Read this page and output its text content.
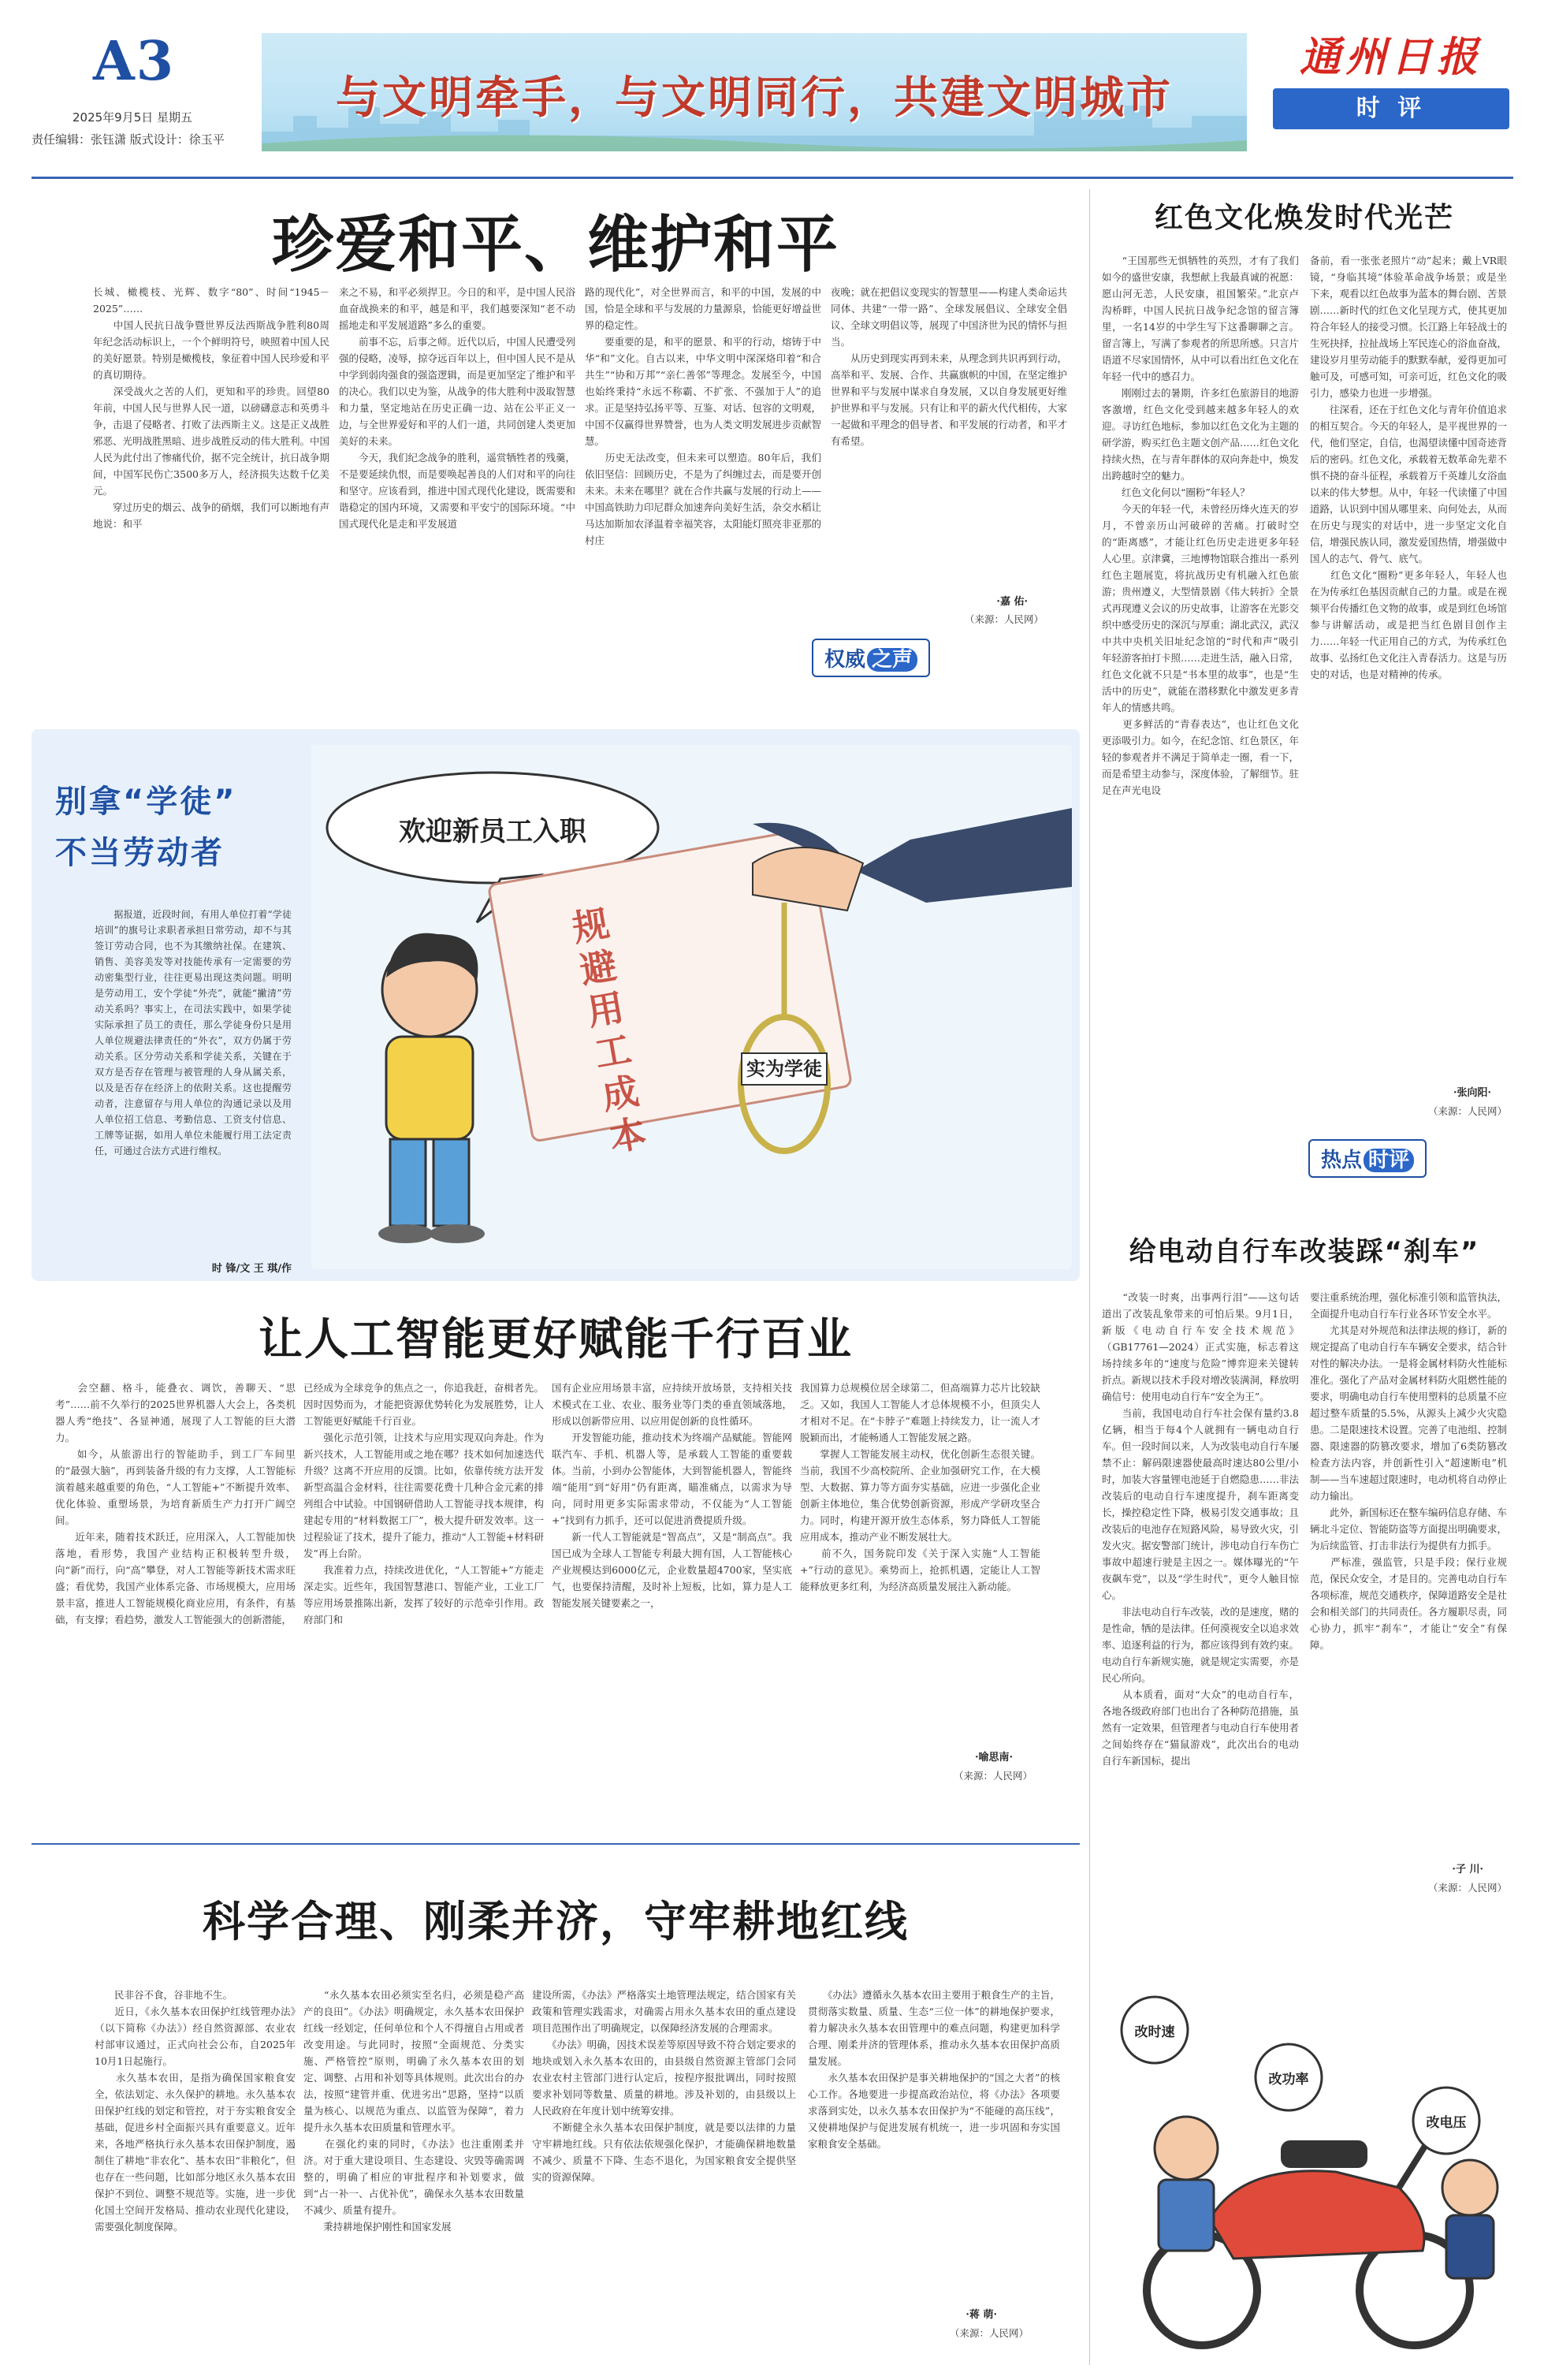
A3
2025年9月5日 星期五
责任编辑：张钰潇 版式设计：徐玉平
与文明牵手，与文明同行，共建文明城市
通州日报
时 评
珍爱和平、维护和平
长城、橄榄枝、光辉、数字“80”、时间“1945－2025”……
　　中国人民抗日战争暨世界反法西斯战争胜利80周年纪念活动标识上，一个个鲜明符号，映照着中国人民的美好愿景。特别是橄榄枝，象征着中国人民珍爱和平的真切期待。
　　深受战火之苦的人们，更知和平的珍贵。回望80年前，中国人民与世界人民一道，以磅礴意志和英勇斗争，击退了侵略者、打败了法西斯主义。这是正义战胜邪恶、光明战胜黑暗、进步战胜反动的伟大胜利。中国人民为此付出了惨痛代价，据不完全统计，抗日战争期间，中国军民伤亡3500多万人，经济损失达数千亿美元。
　　穿过历史的烟云、战争的硝烟，我们可以断地有声地说：和平
来之不易，和平必须捍卫。今日的和平，是中国人民浴血奋战换来的和平，越是和平，我们越要深知“老不动摇地走和平发展道路”多么的重要。
　　前事不忘，后事之师。近代以后，中国人民遭受列强的侵略，凌辱，掠夺远百年以上，但中国人民不是从中学到弱肉强食的强盗逻辑，而是更加坚定了维护和平的决心。我们以史为鉴，从战争的伟大胜利中汲取智慧和力量，坚定地站在历史正确一边、站在公平正义一边，与全世界爱好和平的人们一道，共同创建人类更加美好的未来。
　　今天，我们纪念战争的胜利，遥赏牺牲者的残羹，不是要延续仇恨，而是要唤起善良的人们对和平的向往和坚守。应该看到，推进中国式现代化建设，既需要和谐稳定的国内环境，又需要和平安宁的国际环境。“中国式现代化是走和平发展道
路的现代化”，对全世界而言，和平的中国，发展的中国，恰是全球和平与发展的力量源泉，恰能更好增益世界的稳定性。
　　要重要的是，和平的愿景、和平的行动，熔铸于中华“和”文化。自古以来，中华文明中深深烙印着“和合共生”“协和万邦”“亲仁善邻”等理念。发展至今，中国也始终秉持“永远不称霸、不扩张、不强加于人”的追求。正是坚持弘扬平等、互鉴、对话、包容的文明观，中国不仅赢得世界赞誉，也为人类文明发展进步贡献智慧。
　　历史无法改变，但未来可以塑造。80年后，我们依旧坚信：回顾历史，不是为了纠缠过去，而是要开创未来。未来在哪里？就在合作共赢与发展的行动上——中国高铁助力印尼群众加速奔向美好生活，杂交水稻让马达加斯加农泽温着幸福笑容，太阳能灯照亮非亚那的村庄
夜晚；就在把倡议变现实的智慧里——构建人类命运共同体、共建“一带一路”、全球发展倡议、全球安全倡议、全球文明倡议等，展现了中国济世为民的情怀与担当。
　　从历史到现实再到未来，从理念到共识再到行动，高举和平、发展、合作、共赢旗帜的中国，在坚定维护世界和平与发展中谋求自身发展，又以自身发展更好维护世界和平与发展。只有让和平的薪火代代相传，大家一起做和平理念的倡导者、和平发展的行动者，和平才有希望。
·嘉 佑·
（来源：人民网）
权威 之声
别拿“学徒”
不当劳动者
　　据报道，近段时间，有用人单位打着“学徒培训”的旗号让求职者承担日常劳动，却不与其签订劳动合同，也不为其缴纳社保。在建筑、销售、美容美发等对技能传承有一定需要的劳动密集型行业，往往更易出现这类问题。明明是劳动用工，安个学徒“外壳”，就能“撇清”劳动关系吗？事实上，在司法实践中，如果学徒实际承担了员工的责任，那么学徒身份只是用人单位规避法律责任的“外衣”，双方仍属于劳动关系。区分劳动关系和学徒关系，关键在于双方是否存在管理与被管理的人身从属关系，以及是否存在经济上的依附关系。这也提醒劳动者，注意留存与用人单位的沟通记录以及用人单位招工信息、考勤信息、工资支付信息、工牌等证据，如用人单位未能履行用工法定责任，可通过合法方式进行维权。
时 锋/文 王 琪/作
欢迎新员工入职
规避用工成本
实为学徒
红色文化焕发时代光芒
　　“王国那些无惧牺牲的英烈，才有了我们如今的盛世安康，我想献上我最真诚的祝愿：愿山河无恙，人民安康，祖国繁荣。”北京卢沟桥畔，中国人民抗日战争纪念馆的留言簿里，一名14岁的中学生写下这番聊聊之言。留言簿上，写满了参观者的所思所感。只言片语道不尽家国情怀，从中可以看出红色文化在年轻一代中的感召力。
　　刚刚过去的暑期，许多红色旅游目的地游客激增，红色文化受到越来越多年轻人的欢迎。寻访红色地标，参加以红色文化为主题的研学游，购买红色主题文创产品……红色文化持续火热，在与青年群体的双向奔赴中，焕发出跨越时空的魅力。
　　红色文化何以“圈粉”年轻人？
　　今天的年轻一代，未曾经历烽火连天的岁月，不曾亲历山河破碎的苦痛。打破时空的“距离感”，才能让红色历史走进更多年轻人心里。京津冀，三地博物馆联合推出一系列红色主题展览，将抗战历史有机融入红色旅游；贵州遵义，大型情景剧《伟大转折》全景式再现遵义会议的历史故事，让游客在光影交织中感受历史的深沉与厚重；湖北武汉，武汉中共中央机关旧址纪念馆的“时代和声”吸引年轻游客拍打卡照……走进生活，融入日常，红色文化就不只是“书本里的故事”，也是“生活中的历史”，就能在潜移默化中激发更多青年人的情感共鸣。
　　更多鲜活的“青春表达”，也让红色文化更添吸引力。如今，在纪念馆、红色景区，年轻的参观者并不满足于简单走一圈，看一下，而是希望主动参与，深度体验，了解细节。驻足在声光电设
备前，看一张张老照片“动”起来；戴上VR眼镜，“身临其境”体验革命战争场景；或是坐下来，观看以红色故事为蓝本的舞台剧、苦景剧……新时代的红色文化呈现方式，使其更加符合年轻人的接受习惯。长江路上年轻战士的生死抉择，拉扯战场上军民连心的浴血奋战，建设岁月里劳动能手的默默奉献，爱得更加可触可及，可感可知，可亲可近，红色文化的吸引力，感染力也进一步增强。
　　往深看，还在于红色文化与青年价值追求的相互契合。今天的年轻人，是平视世界的一代，他们坚定，自信，也渴望读懂中国奇迹背后的密码。红色文化，承载着无数革命先辈不惧不挠的奋斗征程，承载着万千英雄儿女浴血以来的伟大梦想。从中，年轻一代读懂了中国道路，认识到中国从哪里来、向何处去，从而在历史与现实的对话中，进一步坚定文化自信，增强民族认同，激发爱国热情，增强做中国人的志气、骨气、底气。
　　红色文化“圈粉”更多年轻人，年轻人也在为传承红色基因贡献自己的力量。或是在视频平台传播红色文物的故事，或是到红色场馆参与讲解活动，或是把当红色剧目创作主力……年轻一代正用自己的方式，为传承红色故事、弘扬红色文化注入青春活力。这是与历史的对话，也是对精神的传承。
·张向阳·
（来源：人民网）
热点 时评
给电动自行车改装踩“刹车”
　　“改装一时爽，出事两行泪”——这句话道出了改装乱象带来的可怕后果。9月1日，新版《电动自行车安全技术规范》（GB17761—2024）正式实施，标志着这场持续多年的“速度与危险”博弈迎来关键转折点。新规以技术手段对增改装满洞，释放明确信号：使用电动自行车“安全为王”。
　　当前，我国电动自行车社会保有量约3.8亿辆，相当于每4个人就拥有一辆电动自行车。但一段时间以来，人为改装电动自行车屡禁不止：解码限速器使最高时速达80公里/小时，加装大容量锂电池延于自燃隐患……非法改装后的电动自行车速度提升，刹车距离变长，操控稳定性下降，极易引发交通事故；且改装后的电池存在短路风险，易导致火灾，引发火灾。据安警部门统计，涉电动自行车伤亡事故中超速行驶是主因之一。媒体曝光的“午夜飙车党”，以及“学生时代”，更令人触目惊心。
　　非法电动自行车改装，改的是速度，赌的是性命，牺的是法律。任何漠视安全以追求效率、追逐利益的行为，都应该得到有效约束。电动自行车新规实施，就是规定实需要，亦是民心所向。
　　从本质看，面对“大众”的电动自行车，各地各级政府部门也出台了各种防范措施，虽然有一定效果，但管理者与电动自行车使用者之间始终存在“猫鼠游戏”，此次出台的电动自行车新国标，提出
要注重系统治理，强化标准引领和监管执法，全面提升电动自行车行业各环节安全水平。
　　尤其是对外规范和法律法规的修订，新的规定提高了电动自行车车辆安全要求，结合针对性的解决办法。一是将金属材料防火性能标准化。强化了产品对金属材料防火阻燃性能的要求，明确电动自行车使用塑料的总质量不应超过整车质量的5.5%，从源头上减少火灾隐患。二是限速技术设置。完善了电池组、控制器、限速器的防篡改要求，增加了6类防篡改检查方法内容，并创新性引入“超速断电”机制——当车速超过限速时，电动机将自动停止动力输出。
　　此外，新国标还在整车编码信息存储、车辆北斗定位、智能防盗等方面提出明确要求，为后续监管、打击非法行为提供有力抓手。
　　严标准，强监管，只是手段；保行业规范，保民众安全，才是目的。完善电动自行车各项标准，规范交通秩序，保障道路安全是社会和相关部门的共同责任。各方履职尽责，同心协力，抓牢“刹车”，才能让“安全”有保障。
·子 川·
（来源：人民网）
让人工智能更好赋能千行百业
　　会空翻、格斗，能叠衣、调饮，善聊天、“思考”……前不久举行的2025世界机器人大会上，各类机器人秀“绝技”、各显神通，展现了人工智能的巨大潜力。
　　如今，从旅游出行的智能助手，到工厂车间里的“最强大脑”，再到装备升级的有力支撑，人工智能标演着越来越重要的角色，“人工智能+”不断提升效率、优化体验、重塑场景，为培育新质生产力打开广阔空间。
　　近年来，随着技术跃迁，应用深入，人工智能加快落地，看形势，我国产业结构正积极转型升级，向“新”而行，向“高”攀登，对人工智能等新技术需求旺盛；看优势，我国产业体系完备、市场规模大，应用场景丰富，推进人工智能规模化商业应用，有条件，有基础，有支撑；看趋势，激发人工智能强大的创新潜能，
已经成为全球竞争的焦点之一，你追我赶，奋楫者先。因时因势而为，才能把资源优势转化为发展胜势，让人工智能更好赋能千行百业。
　　强化示范引领，让技术与应用实现双向奔赴。作为新兴技术，人工智能用或之地在哪？技术如何加速迭代升级？这离不开应用的反馈。比如，依靠传统方法开发新型高温合金材料，往往需要花费十几种合金元素的排列组合中试验。中国钢研借助人工智能寻找本规律，构建起专用的“材料数据工厂”，极大提升研发效率。这一过程验证了技术，提升了能力，推动“人工智能+材料研发”再上台阶。
　　我准着力点，持续改进优化，“人工智能+”方能走深走实。近些年，我国智慧港口、智能产业，工业工厂等应用场景推陈出新，发挥了较好的示范牵引作用。政府部门和
国有企业应用场景丰富，应持续开放场景，支持相关技术模式在工业、农业、服务业等门类的垂直领域落地，形成以创新带应用、以应用促创新的良性循环。
　　开发智能功能，推动技术为终端产品赋能。智能网联汽车、手机、机器人等，是承载人工智能的重要载体。当前，小到办公智能体，大到智能机器人，智能终端“能用”到“好用”仍有距离，瞄准痛点，以需求为导向，同时用更多实际需求带动，不仅能为“人工智能+”找到有力抓手，还可以促进消费提质升级。
　　新一代人工智能就是“智高点”，又是“制高点”。我国已成为全球人工智能专利最大拥有国，人工智能核心产业规模达到6000亿元，企业数量超4700家，坚实底气，也要保持清醒，及时补上短板，比如，算力是人工智能发展关键要素之一，
我国算力总规模位居全球第二，但高端算力芯片比较缺乏。又如，我国人工智能人才总体规模不小，但顶尖人才相对不足。在“卡脖子”难题上持续发力，让一流人才脱颖而出，才能畅通人工智能发展之路。
　　掌握人工智能发展主动权，优化创新生态很关键。当前，我国不少高校院所、企业加强研究工作，在大模型、大数据、算力等方面夯实基础，应进一步强化企业创新主体地位，集合优势创新资源，形成产学研攻坚合力。同时，构建开源开放生态体系，努力降低人工智能应用成本，推动产业不断发展壮大。
　　前不久，国务院印发《关于深入实施“人工智能+”行动的意见》。乘势而上，抢抓机遇，定能让人工智能释放更多红利，为经济高质量发展注入新动能。
·喻思南·
（来源：人民网）
科学合理、刚柔并济，守牢耕地红线
　　民非谷不食，谷非地不生。
　　近日，《永久基本农田保护红线管理办法》（以下简称《办法》）经自然资源部、农业农村部审议通过，正式向社会公布，自2025年10月1日起施行。
　　永久基本农田，是指为确保国家粮食安全，依法划定、永久保护的耕地。永久基本农田保护红线的划定和管控，对于夯实粮食安全基础，促进乡村全面振兴具有重要意义。近年来，各地严格执行永久基本农田保护制度，遏制住了耕地“非农化”、基本农田“非粮化”，但也存在一些问题，比如部分地区永久基本农田保护不到位、调整不规范等。实施，进一步优化国土空间开发格局、推动农业现代化建设，需要强化制度保障。
　　“永久基本农田必须实至名归，必须是稳产高产的良田”。《办法》明确规定，永久基本农田保护红线一经划定，任何单位和个人不得擅自占用或者改变用途。与此同时，按照“全面规范、分类实施、严格管控”原则，明确了永久基本农田的划定、调整、占用和补划等具体规则。此次出台的办法，按照“建管并重、优进劣出”思路，坚持“以质量为核心、以规范为重点、以监管为保障”，着力提升永久基本农田质量和管理水平。
　　在强化约束的同时，《办法》也注重刚柔并济。对于重大建设项目、生态建设、灾毁等确需调整的，明确了相应的审批程序和补划要求，做到“占一补一、占优补优”，确保永久基本农田数量不减少、质量有提升。
　　秉持耕地保护刚性和国家发展
建设所需，《办法》严格落实土地管理法规定，结合国家有关政策和管理实践需求，对确需占用永久基本农田的重点建设项目范围作出了明确规定，以保障经济发展的合理需求。
　　《办法》明确，因技术误差等原因导致不符合划定要求的地块或划入永久基本农田的，由县级自然资源主管部门会同农业农村主管部门进行认定后，按程序报批调出，同时按照要求补划同等数量、质量的耕地。涉及补划的，由县级以上人民政府在年度计划中统筹安排。
　　不断健全永久基本农田保护制度，就是要以法律的力量守牢耕地红线。只有依法依规强化保护，才能确保耕地数量不减少、质量不下降、生态不退化，为国家粮食安全提供坚实的资源保障。
　　《办法》遵循永久基本农田主要用于粮食生产的主旨，贯彻落实数量、质量、生态“三位一体”的耕地保护要求，着力解决永久基本农田管理中的难点问题，构建更加科学合理、刚柔并济的管理体系，推动永久基本农田保护高质量发展。
　　永久基本农田保护是事关耕地保护的“国之大者”的核心工作。各地要进一步提高政治站位，将《办法》各项要求落到实处，以永久基本农田保护为“不能碰的高压线”，又使耕地保护与促进发展有机统一，进一步巩固和夯实国家粮食安全基础。
·蒋 萌·
（来源：人民网）
改时速
改功率
改电压
